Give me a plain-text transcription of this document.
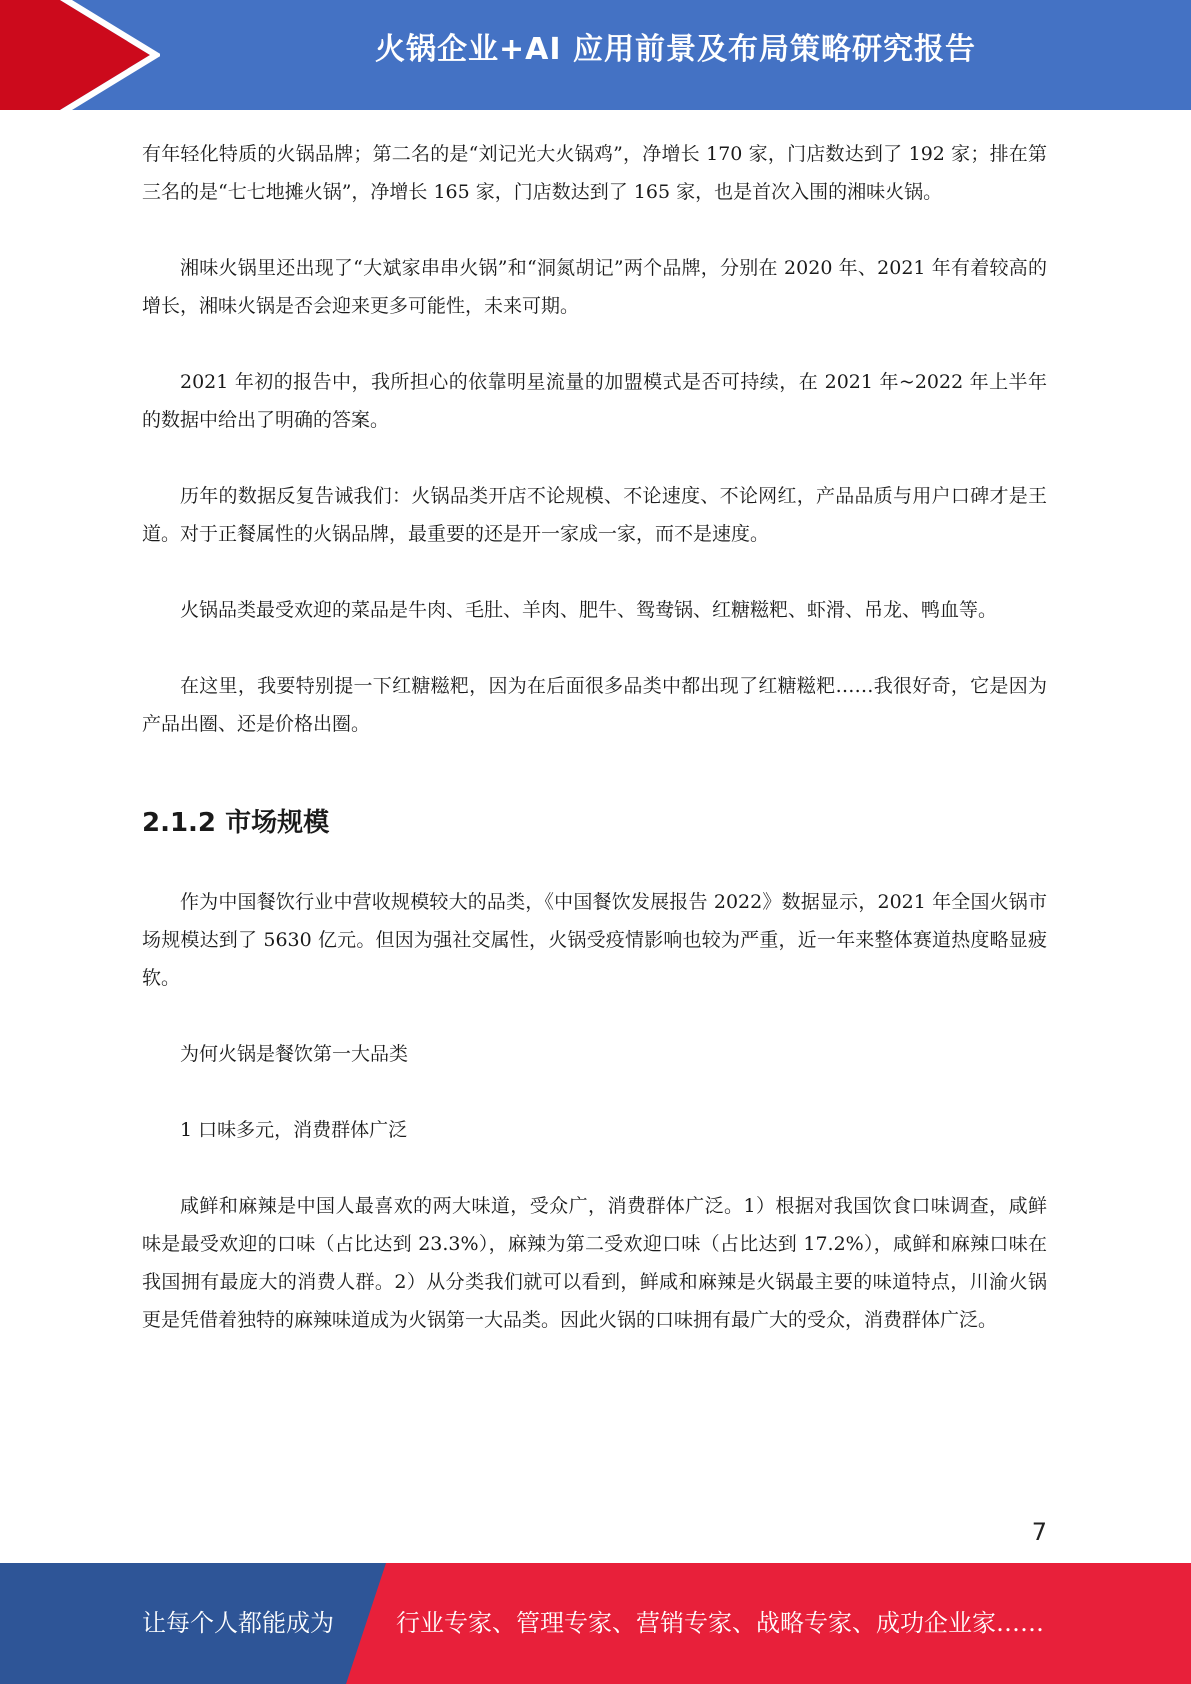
火锅企业+AI 应用前景及布局策略研究报告

有年轻化特质的火锅品牌；第二名的是“刘记光大火锅鸡”，净增长 170 家，门店数达到了 192 家；排在第三名的是“七七地摊火锅”，净增长 165 家，门店数达到了 165 家，也是首次入围的湘味火锅。

湘味火锅里还出现了“大斌家串串火锅”和“洞氮胡记”两个品牌，分别在 2020 年、2021 年有着较高的增长，湘味火锅是否会迎来更多可能性，未来可期。

2021 年初的报告中，我所担心的依靠明星流量的加盟模式是否可持续，在 2021 年~2022 年上半年的数据中给出了明确的答案。

历年的数据反复告诫我们：火锅品类开店不论规模、不论速度、不论网红，产品品质与用户口碑才是王道。对于正餐属性的火锅品牌，最重要的还是开一家成一家，而不是速度。

火锅品类最受欢迎的菜品是牛肉、毛肚、羊肉、肥牛、鸳鸯锅、红糖糍粑、虾滑、吊龙、鸭血等。

在这里，我要特别提一下红糖糍粑，因为在后面很多品类中都出现了红糖糍粑……我很好奇，它是因为产品出圈、还是价格出圈。

2.1.2 市场规模

作为中国餐饮行业中营收规模较大的品类，《中国餐饮发展报告 2022》数据显示，2021 年全国火锅市场规模达到了 5630 亿元。但因为强社交属性，火锅受疫情影响也较为严重，近一年来整体赛道热度略显疲软。

为何火锅是餐饮第一大品类

1 口味多元，消费群体广泛

咸鲜和麻辣是中国人最喜欢的两大味道，受众广，消费群体广泛。1）根据对我国饮食口味调查，咸鲜味是最受欢迎的口味（占比达到 23.3%），麻辣为第二受欢迎口味（占比达到 17.2%），咸鲜和麻辣口味在我国拥有最庞大的消费人群。2）从分类我们就可以看到，鲜咸和麻辣是火锅最主要的味道特点，川渝火锅更是凭借着独特的麻辣味道成为火锅第一大品类。因此火锅的口味拥有最广大的受众，消费群体广泛。

7
让每个人都能成为	行业专家、管理专家、营销专家、战略专家、成功企业家……
